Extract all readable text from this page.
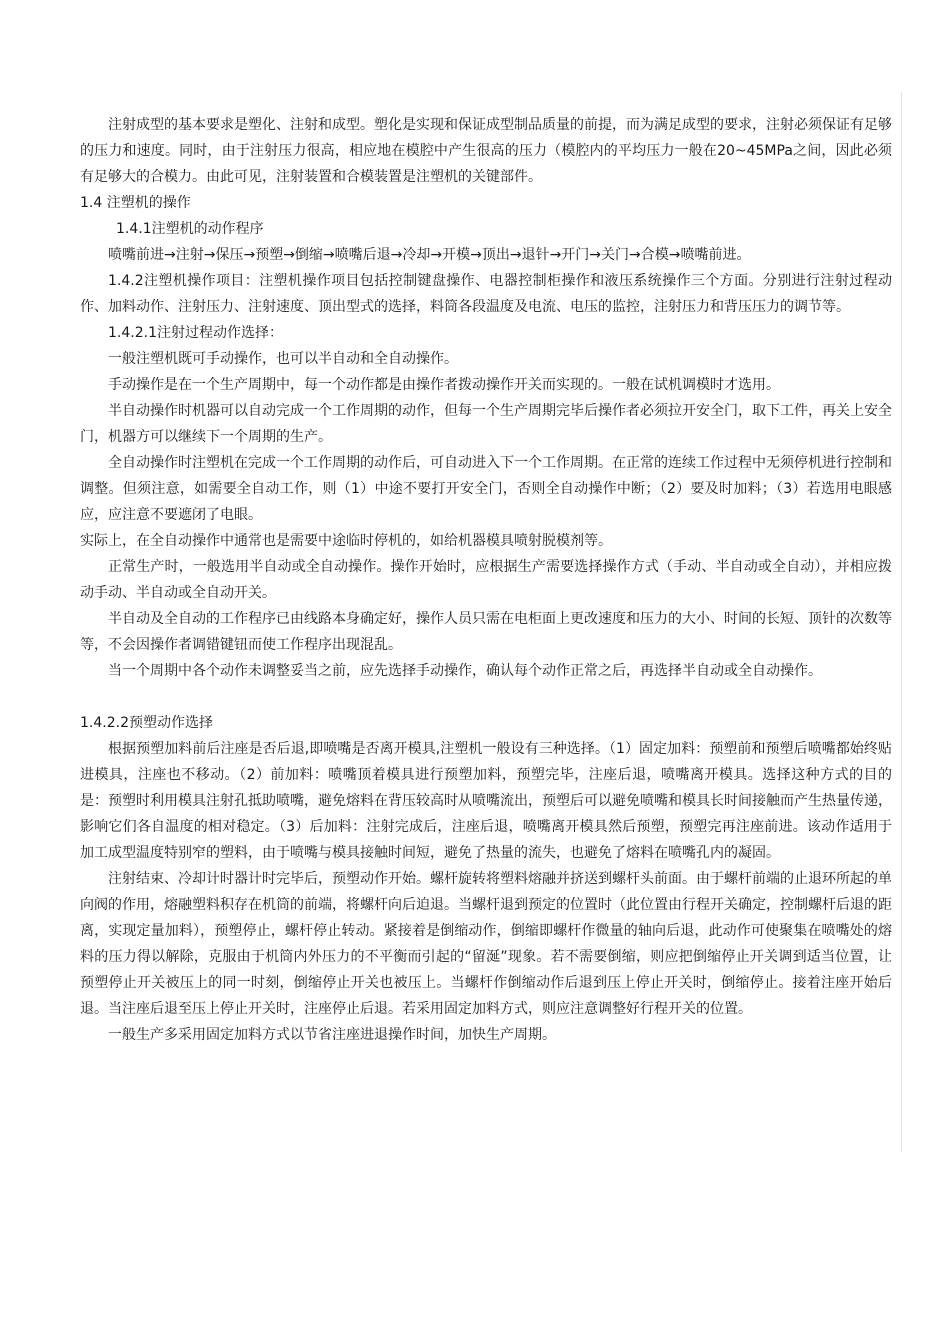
注射成型的基本要求是塑化、注射和成型。塑化是实现和保证成型制品质量的前提，而为满足成型的要求，注射必须保证有足够的压力和速度。同时，由于注射压力很高，相应地在模腔中产生很高的压力（模腔内的平均压力一般在20~45MPa之间，因此必须有足够大的合模力。由此可见，注射装置和合模装置是注塑机的关键部件。

1.4 注塑机的操作

1.4.1注塑机的动作程序

喷嘴前进→注射→保压→预塑→倒缩→喷嘴后退→冷却→开模→顶出→退针→开门→关门→合模→喷嘴前进。

1.4.2注塑机操作项目：注塑机操作项目包括控制键盘操作、电器控制柜操作和液压系统操作三个方面。分别进行注射过程动作、加料动作、注射压力、注射速度、顶出型式的选择，料筒各段温度及电流、电压的监控，注射压力和背压压力的调节等。

1.4.2.1注射过程动作选择：

一般注塑机既可手动操作，也可以半自动和全自动操作。

手动操作是在一个生产周期中，每一个动作都是由操作者拨动操作开关而实现的。一般在试机调模时才选用。

半自动操作时机器可以自动完成一个工作周期的动作，但每一个生产周期完毕后操作者必须拉开安全门，取下工件，再关上安全门，机器方可以继续下一个周期的生产。

全自动操作时注塑机在完成一个工作周期的动作后，可自动进入下一个工作周期。在正常的连续工作过程中无须停机进行控制和调整。但须注意，如需要全自动工作，则（1）中途不要打开安全门，否则全自动操作中断；（2）要及时加料；（3）若选用电眼感应，应注意不要遮闭了电眼。

实际上，在全自动操作中通常也是需要中途临时停机的，如给机器模具喷射脱模剂等。

正常生产时，一般选用半自动或全自动操作。操作开始时，应根据生产需要选择操作方式（手动、半自动或全自动），并相应拨动手动、半自动或全自动开关。

半自动及全自动的工作程序已由线路本身确定好，操作人员只需在电柜面上更改速度和压力的大小、时间的长短、顶针的次数等等，不会因操作者调错键钮而使工作程序出现混乱。

当一个周期中各个动作未调整妥当之前，应先选择手动操作，确认每个动作正常之后，再选择半自动或全自动操作。

1.4.2.2预塑动作选择

根据预塑加料前后注座是否后退,即喷嘴是否离开模具,注塑机一般设有三种选择。（1）固定加料：预塑前和预塑后喷嘴都始终贴进模具，注座也不移动。（2）前加料：喷嘴顶着模具进行预塑加料，预塑完毕，注座后退，喷嘴离开模具。选择这种方式的目的是：预塑时利用模具注射孔抵助喷嘴，避免熔料在背压较高时从喷嘴流出，预塑后可以避免喷嘴和模具长时间接触而产生热量传递，影响它们各自温度的相对稳定。（3）后加料：注射完成后，注座后退，喷嘴离开模具然后预塑，预塑完再注座前进。该动作适用于加工成型温度特别窄的塑料，由于喷嘴与模具接触时间短，避免了热量的流失，也避免了熔料在喷嘴孔内的凝固。

注射结束、冷却计时器计时完毕后，预塑动作开始。螺杆旋转将塑料熔融并挤送到螺杆头前面。由于螺杆前端的止退环所起的单向阀的作用，熔融塑料积存在机筒的前端，将螺杆向后迫退。当螺杆退到预定的位置时（此位置由行程开关确定，控制螺杆后退的距离，实现定量加料），预塑停止，螺杆停止转动。紧接着是倒缩动作，倒缩即螺杆作微量的轴向后退，此动作可使聚集在喷嘴处的熔料的压力得以解除，克服由于机筒内外压力的不平衡而引起的“留涎”现象。若不需要倒缩，则应把倒缩停止开关调到适当位置，让预塑停止开关被压上的同一时刻，倒缩停止开关也被压上。当螺杆作倒缩动作后退到压上停止开关时，倒缩停止。接着注座开始后退。当注座后退至压上停止开关时，注座停止后退。若采用固定加料方式，则应注意调整好行程开关的位置。

一般生产多采用固定加料方式以节省注座进退操作时间，加快生产周期。
